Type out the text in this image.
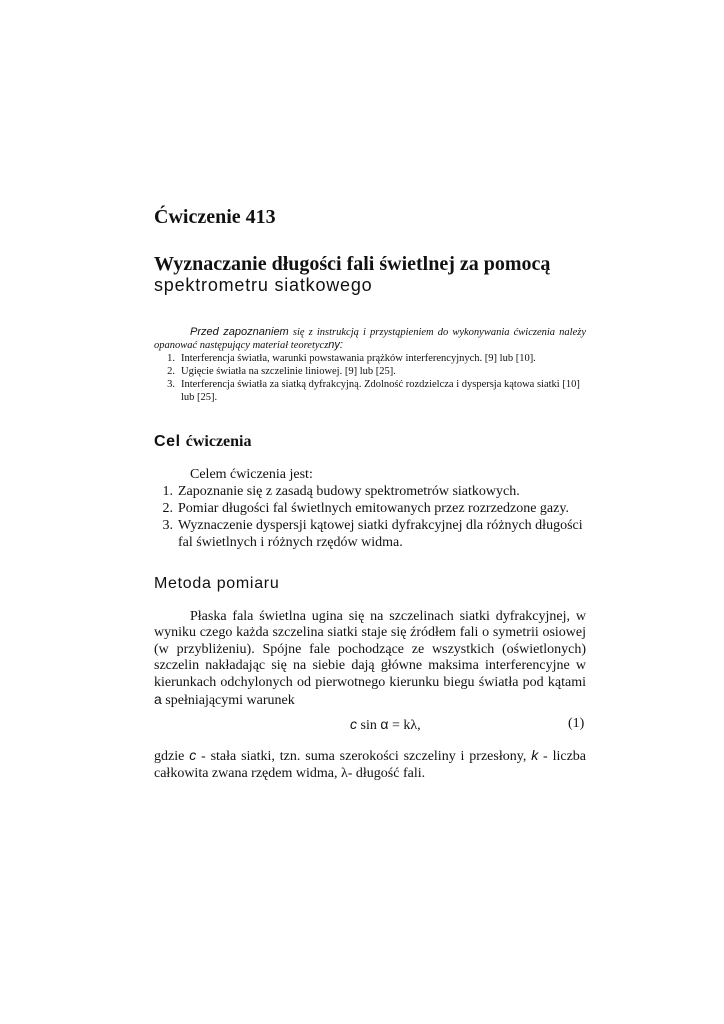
Ćwiczenie 413
Wyznaczanie długości fali świetlnej za pomocą
spektrometru siatkowego

Przed zapoznaniem się z instrukcją i przystąpieniem do wykonywania ćwiczenia należy opanować następujący materiał teoretyczny:

1. Interferencja światła, warunki powstawania prążków interferencyjnych. [9] lub [10].
2. Ugięcie światła na szczelinie liniowej. [9] lub [25].
3. Interferencja światła za siatką dyfrakcyjną. Zdolność rozdzielcza i dyspersja kątowa siatki [10] lub [25].
Cel ćwiczenia

Celem ćwiczenia jest:

1. Zapoznanie się z zasadą budowy spektrometrów siatkowych.
2. Pomiar długości fal świetlnych emitowanych przez rozrzedzone gazy.
3. Wyznaczenie dyspersji kątowej siatki dyfrakcyjnej dla różnych długości fal świetlnych i różnych rzędów widma.
Metoda pomiaru

Płaska fala świetlna ugina się na szczelinach siatki dyfrakcyjnej, w wyniku czego każda szczelina siatki staje się źródłem fali o symetrii osiowej (w przybliżeniu). Spójne fale pochodzące ze wszystkich (oświetlonych) szczelin nakładając się na siebie dają główne maksima interferencyjne w kierunkach odchylonych od pierwotnego kierunku biegu światła pod kątami a spełniającymi warunek

c sin α = kλ,	(1)

gdzie c - stała siatki, tzn. suma szerokości szczeliny i przesłony, k - liczba całkowita zwana rzędem widma, λ- długość fali.
